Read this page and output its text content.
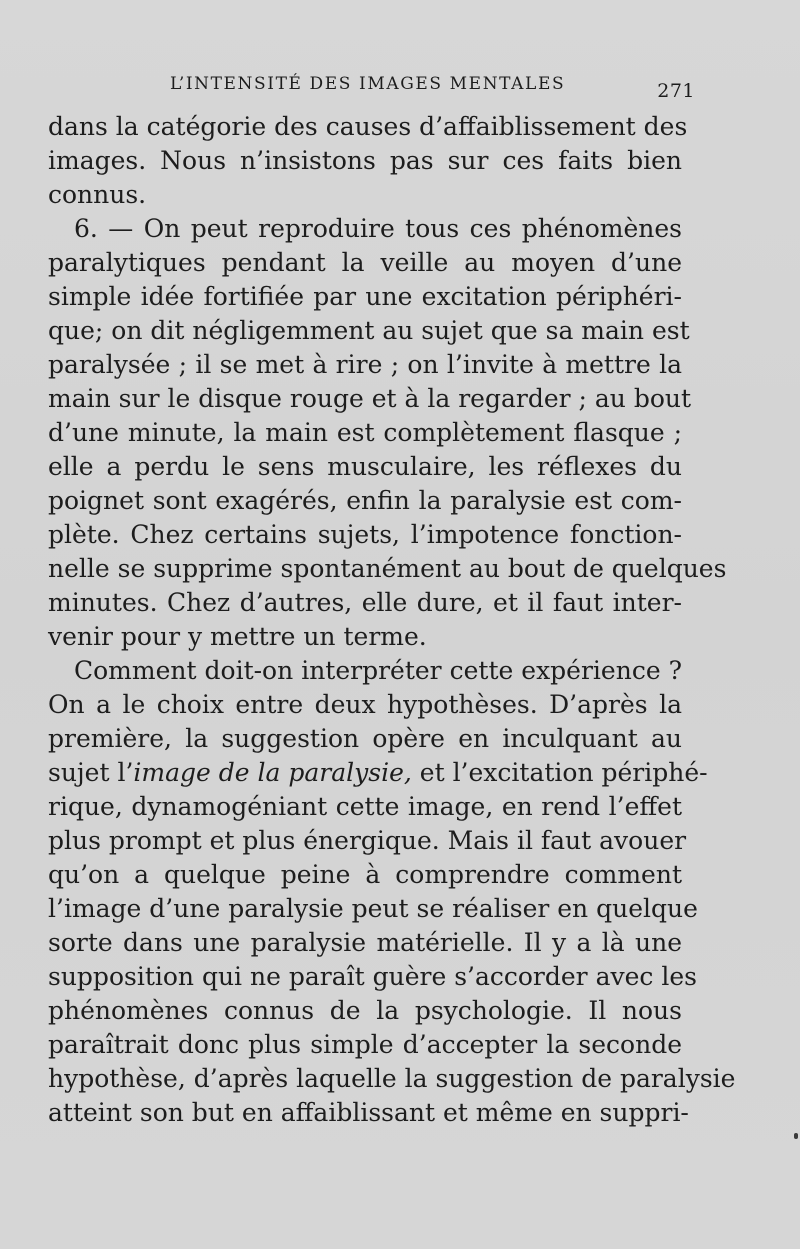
L’INTENSITÉ DES IMAGES MENTALES	271
dans la catégorie des causes d’affaiblissement des
images. Nous n’insistons pas sur ces faits bien
connus.
6. — On peut reproduire tous ces phénomènes
paralytiques pendant la veille au moyen d’une
simple idée fortifiée par une excitation périphéri-
que; on dit négligemment au sujet que sa main est
paralysée ; il se met à rire ; on l’invite à mettre la
main sur le disque rouge et à la regarder ; au bout
d’une minute, la main est complètement flasque ;
elle a perdu le sens musculaire, les réflexes du
poignet sont exagérés, enfin la paralysie est com-
plète. Chez certains sujets, l’impotence fonction-
nelle se supprime spontanément au bout de quelques
minutes. Chez d’autres, elle dure, et il faut inter-
venir pour y mettre un terme.
Comment doit-on interpréter cette expérience ?
On a le choix entre deux hypothèses. D’après la
première, la suggestion opère en inculquant au
sujet l’image de la paralysie, et l’excitation périphé-
rique, dynamogéniant cette image, en rend l’effet
plus prompt et plus énergique. Mais il faut avouer
qu’on a quelque peine à comprendre comment
l’image d’une paralysie peut se réaliser en quelque
sorte dans une paralysie matérielle. Il y a là une
supposition qui ne paraît guère s’accorder avec les
phénomènes connus de la psychologie. Il nous
paraîtrait donc plus simple d’accepter la seconde
hypothèse, d’après laquelle la suggestion de paralysie
atteint son but en affaiblissant et même en suppri-
